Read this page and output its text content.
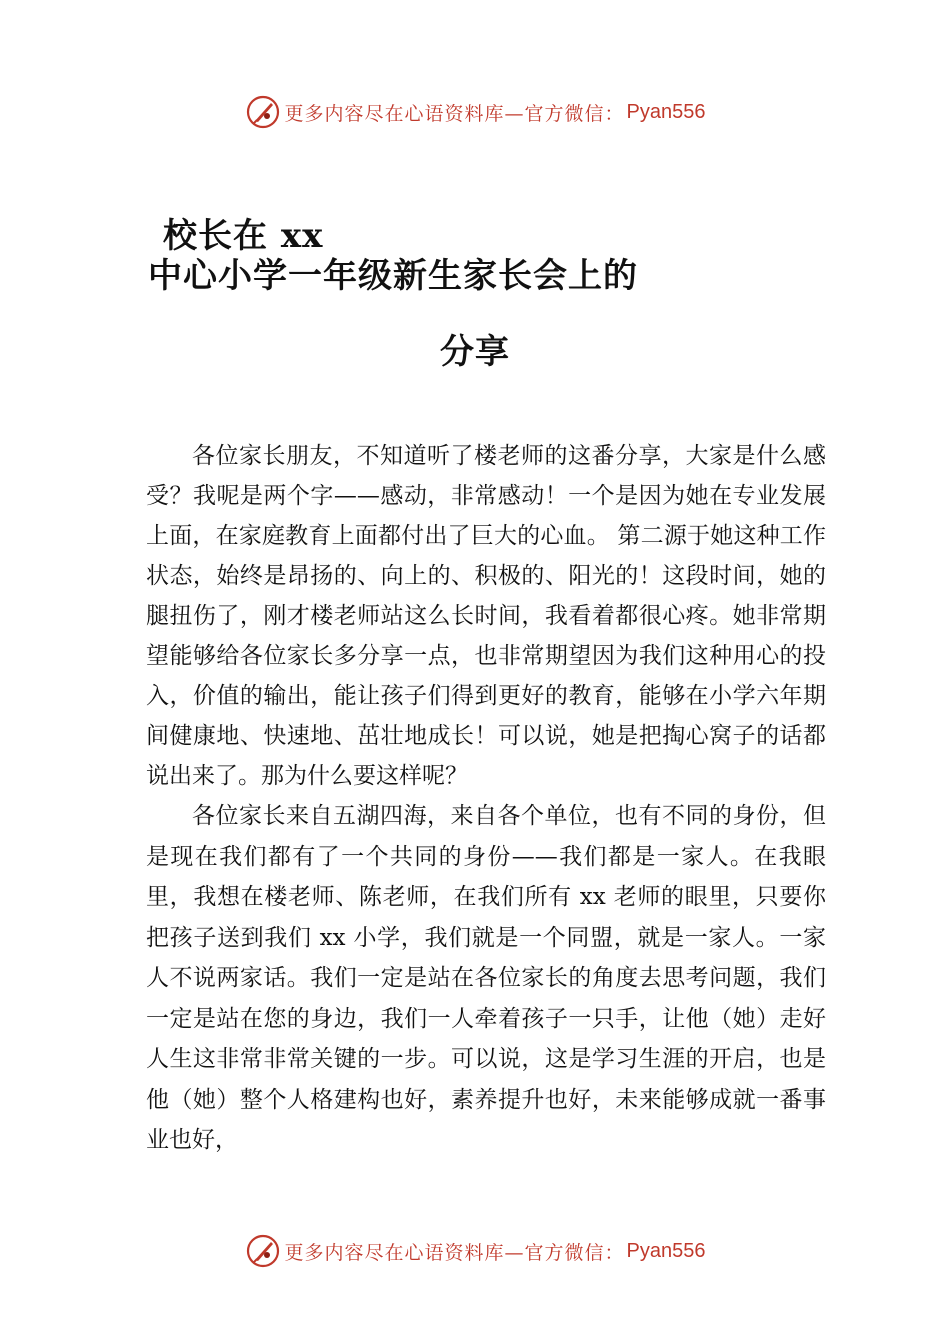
更多内容尽在心语资料库—官方微信： Pyan556
校长在 xx
中心小学一年级新生家长会上的
分享

各位家长朋友，不知道听了楼老师的这番分享，大家是什么感受？我呢是两个字——感动，非常感动！一个是因为她在专业发展上面，在家庭教育上面都付出了巨大的心血。 第二源于她这种工作状态，始终是昂扬的、向上的、积极的、阳光的！这段时间，她的腿扭伤了，刚才楼老师站这么长时间，我看着都很心疼。她非常期望能够给各位家长多分享一点，也非常期望因为我们这种用心的投入，价值的输出，能让孩子们得到更好的教育，能够在小学六年期间健康地、快速地、茁壮地成长！可以说，她是把掏心窝子的话都说出来了。那为什么要这样呢？

各位家长来自五湖四海，来自各个单位，也有不同的身份，但是现在我们都有了一个共同的身份——我们都是一家人。在我眼里，我想在楼老师、陈老师，在我们所有 xx 老师的眼里，只要你把孩子送到我们 xx 小学，我们就是一个同盟，就是一家人。一家人不说两家话。我们一定是站在各位家长的角度去思考问题，我们一定是站在您的身边，我们一人牵着孩子一只手，让他（她）走好人生这非常非常关键的一步。可以说，这是学习生涯的开启，也是他（她）整个人格建构也好，素养提升也好，未来能够成就一番事业也好，

更多内容尽在心语资料库—官方微信： Pyan556
